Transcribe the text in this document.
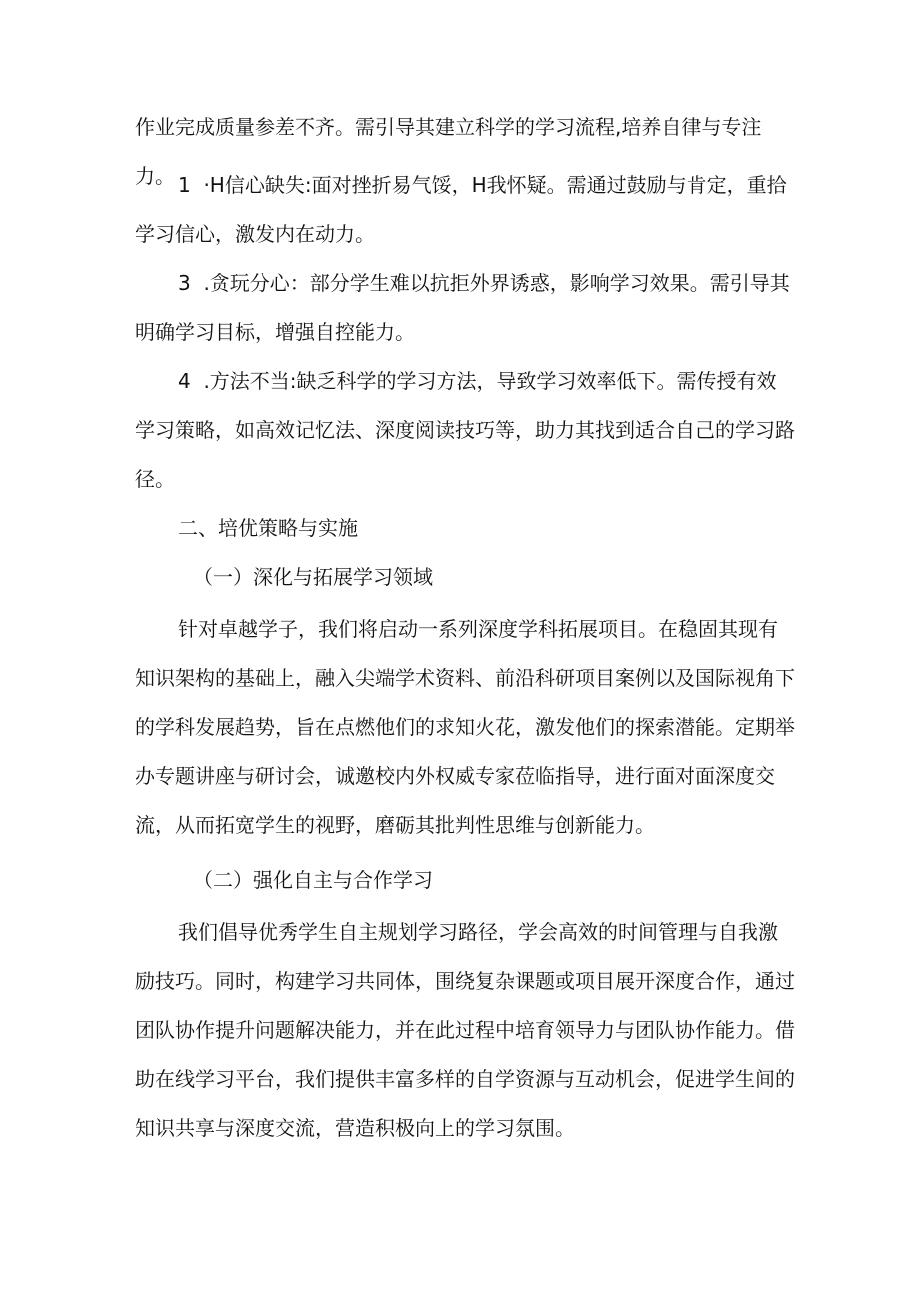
作业完成质量参差不齐。需引导其建立科学的学习流程,培养自律与专注力。 1  ·H信心缺失:面对挫折易气馁，H我怀疑。需通过鼓励与肯定，重拾学习信心，激发内在动力。

3  .贪玩分心：部分学生难以抗拒外界诱惑，影响学习效果。需引导其明确学习目标，增强自控能力。

4  .方法不当:缺乏科学的学习方法，导致学习效率低下。需传授有效学习策略，如高效记忆法、深度阅读技巧等，助力其找到适合自己的学习路径。

二、培优策略与实施

（一）深化与拓展学习领域

针对卓越学子，我们将启动一系列深度学科拓展项目。在稳固其现有知识架构的基础上，融入尖端学术资料、前沿科研项目案例以及国际视角下的学科发展趋势，旨在点燃他们的求知火花，激发他们的探索潜能。定期举办专题讲座与研讨会，诚邀校内外权威专家莅临指导，进行面对面深度交流，从而拓宽学生的视野，磨砺其批判性思维与创新能力。

（二）强化自主与合作学习

我们倡导优秀学生自主规划学习路径，学会高效的时间管理与自我激励技巧。同时，构建学习共同体，围绕复杂课题或项目展开深度合作，通过团队协作提升问题解决能力，并在此过程中培育领导力与团队协作能力。借助在线学习平台，我们提供丰富多样的自学资源与互动机会，促进学生间的知识共享与深度交流，营造积极向上的学习氛围。
